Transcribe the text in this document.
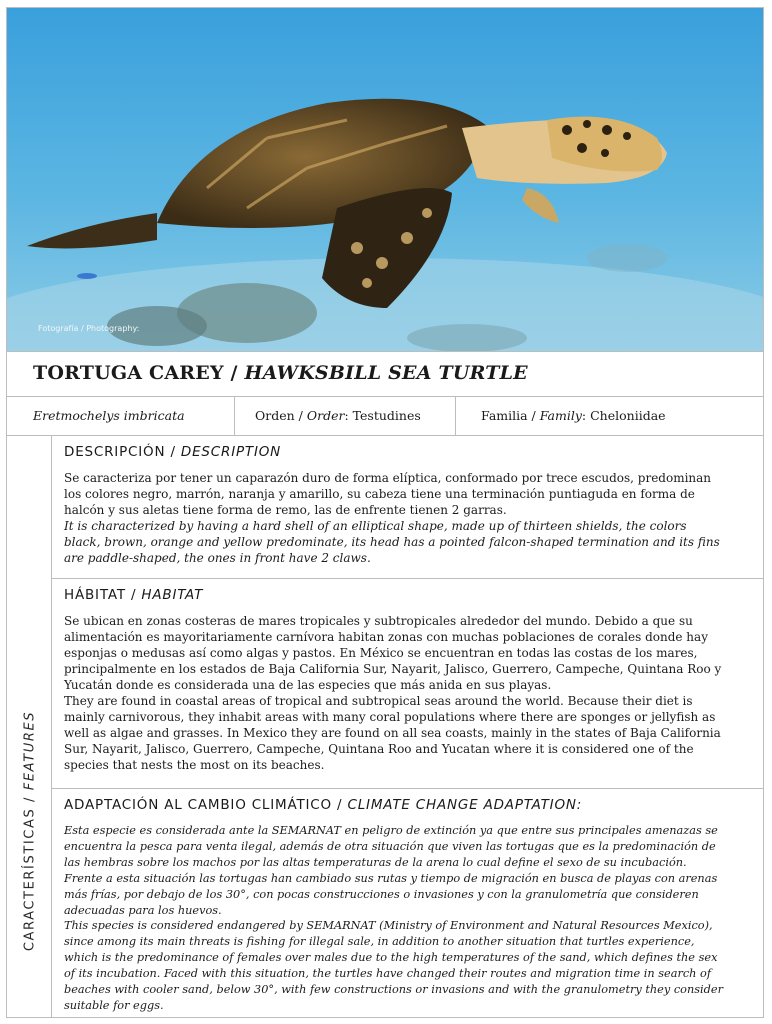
Fotografía / Photography:
TORTUGA CAREY / HAWKSBILL SEA TURTLE
Eretmochelys imbricata	Orden / Order: Testudines	Familia / Family: Cheloniidae
CARACTERÍSTICAS / FEATURES
DESCRIPCIÓN / DESCRIPTION

Se caracteriza por tener un caparazón duro de forma elíptica, conformado por trece escudos, predominan los colores negro, marrón, naranja y amarillo, su cabeza tiene una terminación puntiaguda en forma de halcón y sus aletas tiene forma de remo, las de enfrente tienen 2 garras.

It is characterized by having a hard shell of an elliptical shape, made up of thirteen shields, the colors black, brown, orange and yellow predominate, its head has a pointed falcon-shaped termination and its fins are paddle-shaped, the ones in front have 2 claws.

HÁBITAT / HABITAT

Se ubican en zonas costeras de mares tropicales y subtropicales alrededor del mundo. Debido a que su alimentación es mayoritariamente carnívora habitan zonas con muchas poblaciones de corales donde hay esponjas o medusas así como algas y pastos. En México se encuentran en todas las costas de los mares, principalmente en los estados de Baja California Sur, Nayarit, Jalisco, Guerrero, Campeche, Quintana Roo y Yucatán donde es considerada una de las especies que más anida en sus playas.

They are found in coastal areas of tropical and subtropical seas around the world. Because their diet is mainly carnivorous, they inhabit areas with many coral populations where there are sponges or jellyfish as well as algae and grasses. In Mexico they are found on all sea coasts, mainly in the states of Baja California Sur, Nayarit, Jalisco, Guerrero, Campeche, Quintana Roo and Yucatan where it is considered one of the species that nests the most on its beaches.

ADAPTACIÓN AL CAMBIO CLIMÁTICO / CLIMATE CHANGE ADAPTATION:

Esta especie es considerada ante la SEMARNAT en peligro de extinción ya que entre sus principales amenazas se encuentra la pesca para venta ilegal, además de otra situación que viven las tortugas que es la predominación de las hembras sobre los machos por las altas temperaturas de la arena lo cual define el sexo de su incubación.

Frente a esta situación las tortugas han cambiado sus rutas y tiempo de migración en busca de playas con arenas más frías, por debajo de los 30°, con pocas construcciones o invasiones y con la granulometría que consideren adecuadas para los huevos.

This species is considered endangered by SEMARNAT (Ministry of Environment and Natural Resources Mexico), since among its main threats is fishing for illegal sale, in addition to another situation that turtles experience, which is the predominance of females over males due to the high temperatures of the sand, which defines the sex of its incubation. Faced with this situation, the turtles have changed their routes and migration time in search of beaches with cooler sand, below 30°, with few constructions or invasions and with the granulometry they consider suitable for eggs.
